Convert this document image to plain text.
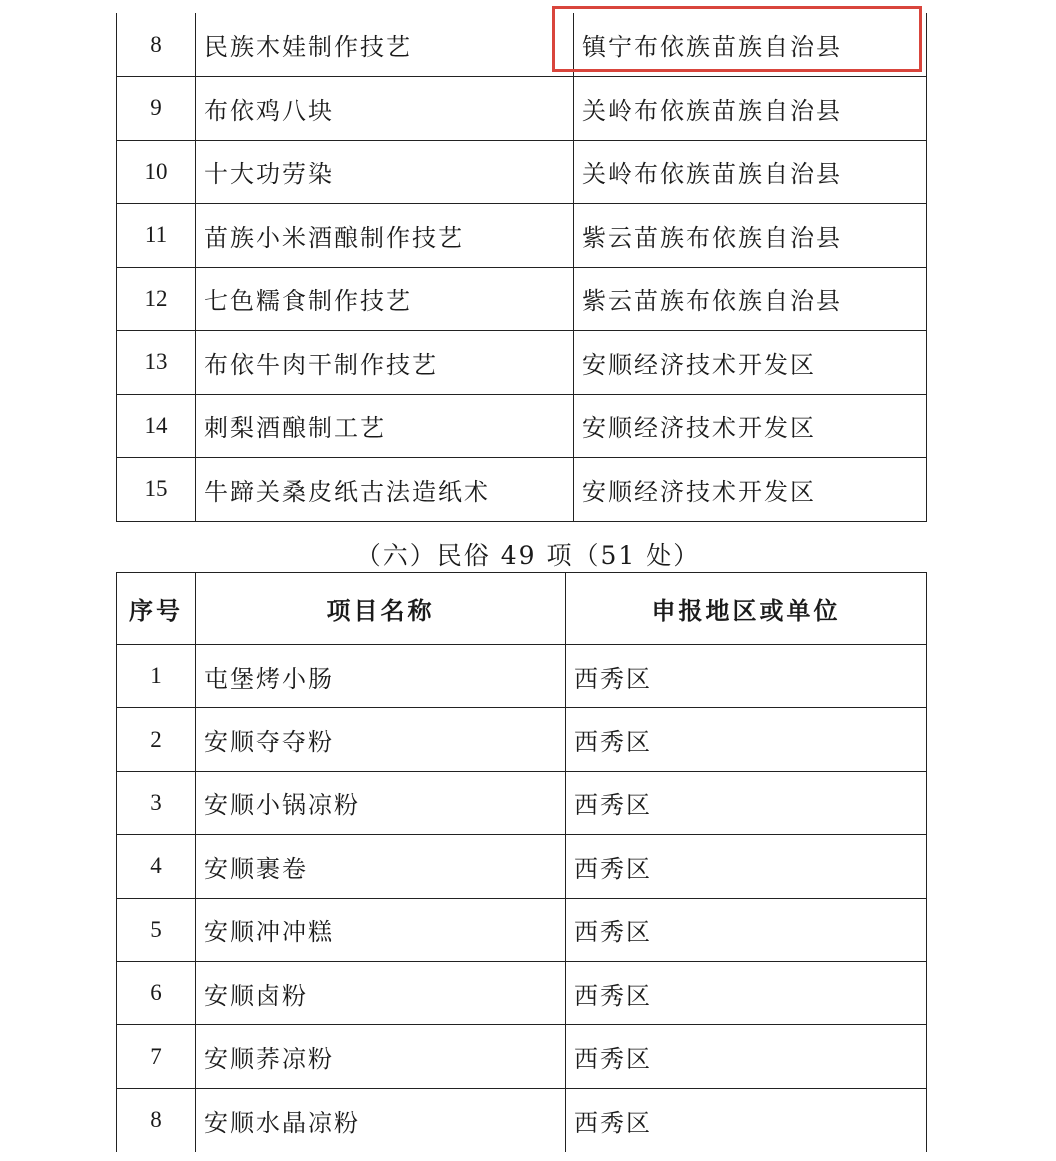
8	民族木娃制作技艺	镇宁布依族苗族自治县
9	布依鸡八块	关岭布依族苗族自治县
10	十大功劳染	关岭布依族苗族自治县
11	苗族小米酒酿制作技艺	紫云苗族布依族自治县
12	七色糯食制作技艺	紫云苗族布依族自治县
13	布依牛肉干制作技艺	安顺经济技术开发区
14	刺梨酒酿制工艺	安顺经济技术开发区
15	牛蹄关桑皮纸古法造纸术	安顺经济技术开发区
（六）民俗 49 项（51 处）
序号	项目名称	申报地区或单位
1	屯堡烤小肠	西秀区
2	安顺夺夺粉	西秀区
3	安顺小锅凉粉	西秀区
4	安顺裹卷	西秀区
5	安顺冲冲糕	西秀区
6	安顺卤粉	西秀区
7	安顺荞凉粉	西秀区
8	安顺水晶凉粉	西秀区
